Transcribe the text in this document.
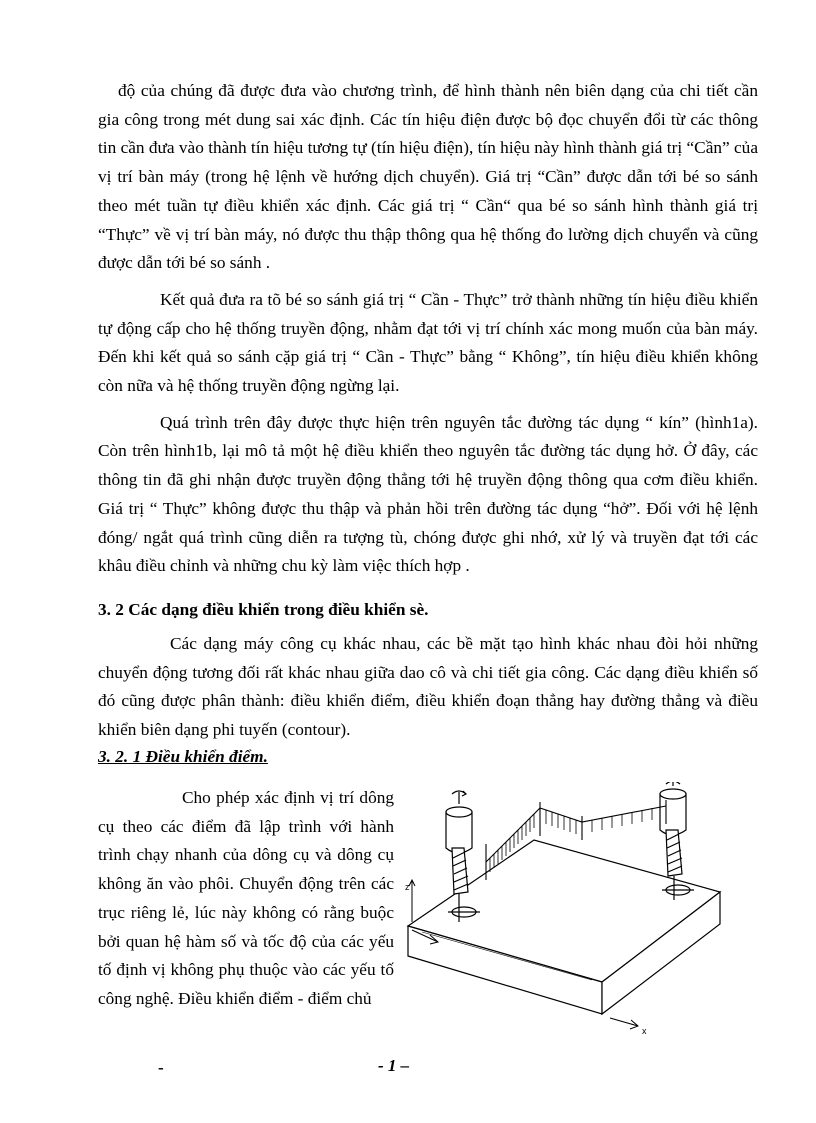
độ của chúng đã được đưa vào chương trình, để hình thành nên biên dạng của chi tiết cần gia công trong mét dung sai xác định. Các tín hiệu điện được bộ đọc chuyển đổi từ các thông tin cần đưa vào thành tín hiệu tương tự (tín hiệu điện), tín hiệu này hình thành giá trị “Cần” của vị trí bàn máy (trong hệ lệnh về hướng dịch chuyển). Giá trị “Cần” được dẫn tới bé so sánh theo mét tuần tự điều khiển xác định. Các giá trị “ Cần“ qua bé so sánh hình thành giá trị “Thực” về vị trí bàn máy, nó được thu thập thông qua hệ thống đo lường dịch chuyển và cũng được dẫn tới bé so sánh .

Kết quả đưa ra tõ bé so sánh giá trị “ Cần - Thực” trở thành những tín hiệu điều khiển tự động cấp cho hệ thống truyền động, nhằm đạt tới vị trí chính xác mong muốn của bàn máy. Đến khi kết quả so sánh cặp giá trị “ Cần - Thực” bằng “ Không”, tín hiệu điều khiển không còn nữa và hệ thống truyền động ngừng lại.

Quá trình trên đây được thực hiện trên nguyên tắc đường tác dụng “ kín” (hình1a). Còn trên hình1b, lại mô tả một hệ điều khiển theo nguyên tắc đường tác dụng hở. Ở đây, các thông tin đã ghi nhận được truyền động thẳng tới hệ truyền động thông qua cơm điều khiển. Giá trị “ Thực” không được thu thập và phản hồi trên đường tác dụng “hở”. Đối với hệ lệnh đóng/ ngắt quá trình cũng diễn ra tượng tù, chóng được ghi nhớ, xử lý và truyền đạt tới các khâu điều chỉnh và những chu kỳ làm việc thích hợp .

3. 2 Các dạng điều khiển trong điều khiển sè.

Các dạng máy công cụ khác nhau, các bề mặt tạo hình khác nhau đòi hỏi những chuyển động tương đối rất khác nhau giữa dao cô và chi tiết gia công. Các dạng điều khiển số đó cũng được phân thành: điều khiển điểm, điều khiển đoạn thẳng hay đường thẳng và điều khiển biên dạng phi tuyến (contour).

3. 2. 1 Điều khiển điểm.

Cho phép xác định vị trí dông cụ theo các điểm đã lập trình với hành trình chạy nhanh của dông cụ và dông cụ không ăn vào phôi. Chuyển động trên các trục riêng lẻ, lúc này không có rằng buộc bởi quan hệ hàm số và tốc độ của các yếu tố định vị không phụ thuộc vào các yếu tố công nghệ. Điều khiển điểm - điểm chủ

z
x
-	- 1 –
